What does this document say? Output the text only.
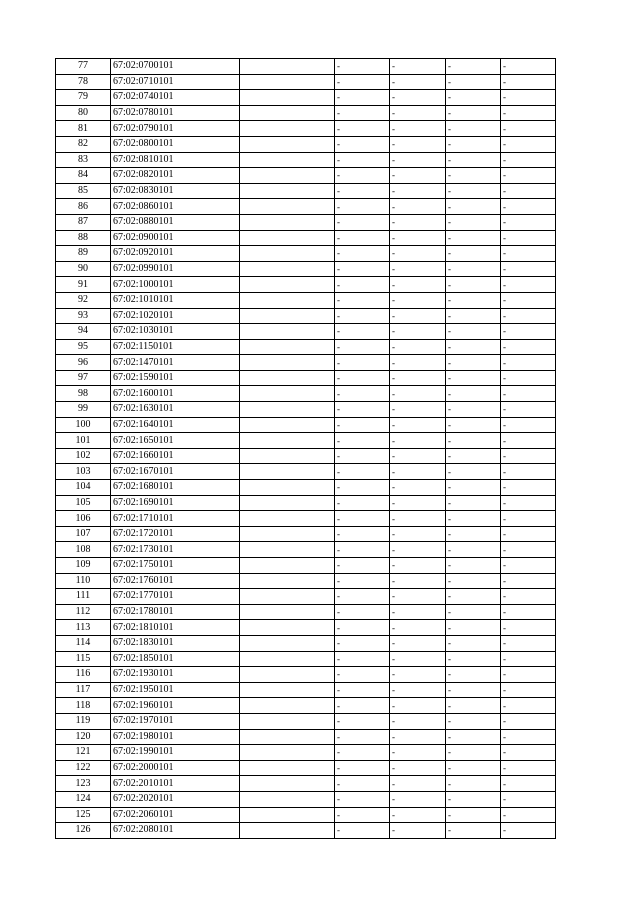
77	67:02:0700101		-	-	-	-
78	67:02:0710101		-	-	-	-
79	67:02:0740101		-	-	-	-
80	67:02:0780101		-	-	-	-
81	67:02:0790101		-	-	-	-
82	67:02:0800101		-	-	-	-
83	67:02:0810101		-	-	-	-
84	67:02:0820101		-	-	-	-
85	67:02:0830101		-	-	-	-
86	67:02:0860101		-	-	-	-
87	67:02:0880101		-	-	-	-
88	67:02:0900101		-	-	-	-
89	67:02:0920101		-	-	-	-
90	67:02:0990101		-	-	-	-
91	67:02:1000101		-	-	-	-
92	67:02:1010101		-	-	-	-
93	67:02:1020101		-	-	-	-
94	67:02:1030101		-	-	-	-
95	67:02:1150101		-	-	-	-
96	67:02:1470101		-	-	-	-
97	67:02:1590101		-	-	-	-
98	67:02:1600101		-	-	-	-
99	67:02:1630101		-	-	-	-
100	67:02:1640101		-	-	-	-
101	67:02:1650101		-	-	-	-
102	67:02:1660101		-	-	-	-
103	67:02:1670101		-	-	-	-
104	67:02:1680101		-	-	-	-
105	67:02:1690101		-	-	-	-
106	67:02:1710101		-	-	-	-
107	67:02:1720101		-	-	-	-
108	67:02:1730101		-	-	-	-
109	67:02:1750101		-	-	-	-
110	67:02:1760101		-	-	-	-
111	67:02:1770101		-	-	-	-
112	67:02:1780101		-	-	-	-
113	67:02:1810101		-	-	-	-
114	67:02:1830101		-	-	-	-
115	67:02:1850101		-	-	-	-
116	67:02:1930101		-	-	-	-
117	67:02:1950101		-	-	-	-
118	67:02:1960101		-	-	-	-
119	67:02:1970101		-	-	-	-
120	67:02:1980101		-	-	-	-
121	67:02:1990101		-	-	-	-
122	67:02:2000101		-	-	-	-
123	67:02:2010101		-	-	-	-
124	67:02:2020101		-	-	-	-
125	67:02:2060101		-	-	-	-
126	67:02:2080101		-	-	-	-
